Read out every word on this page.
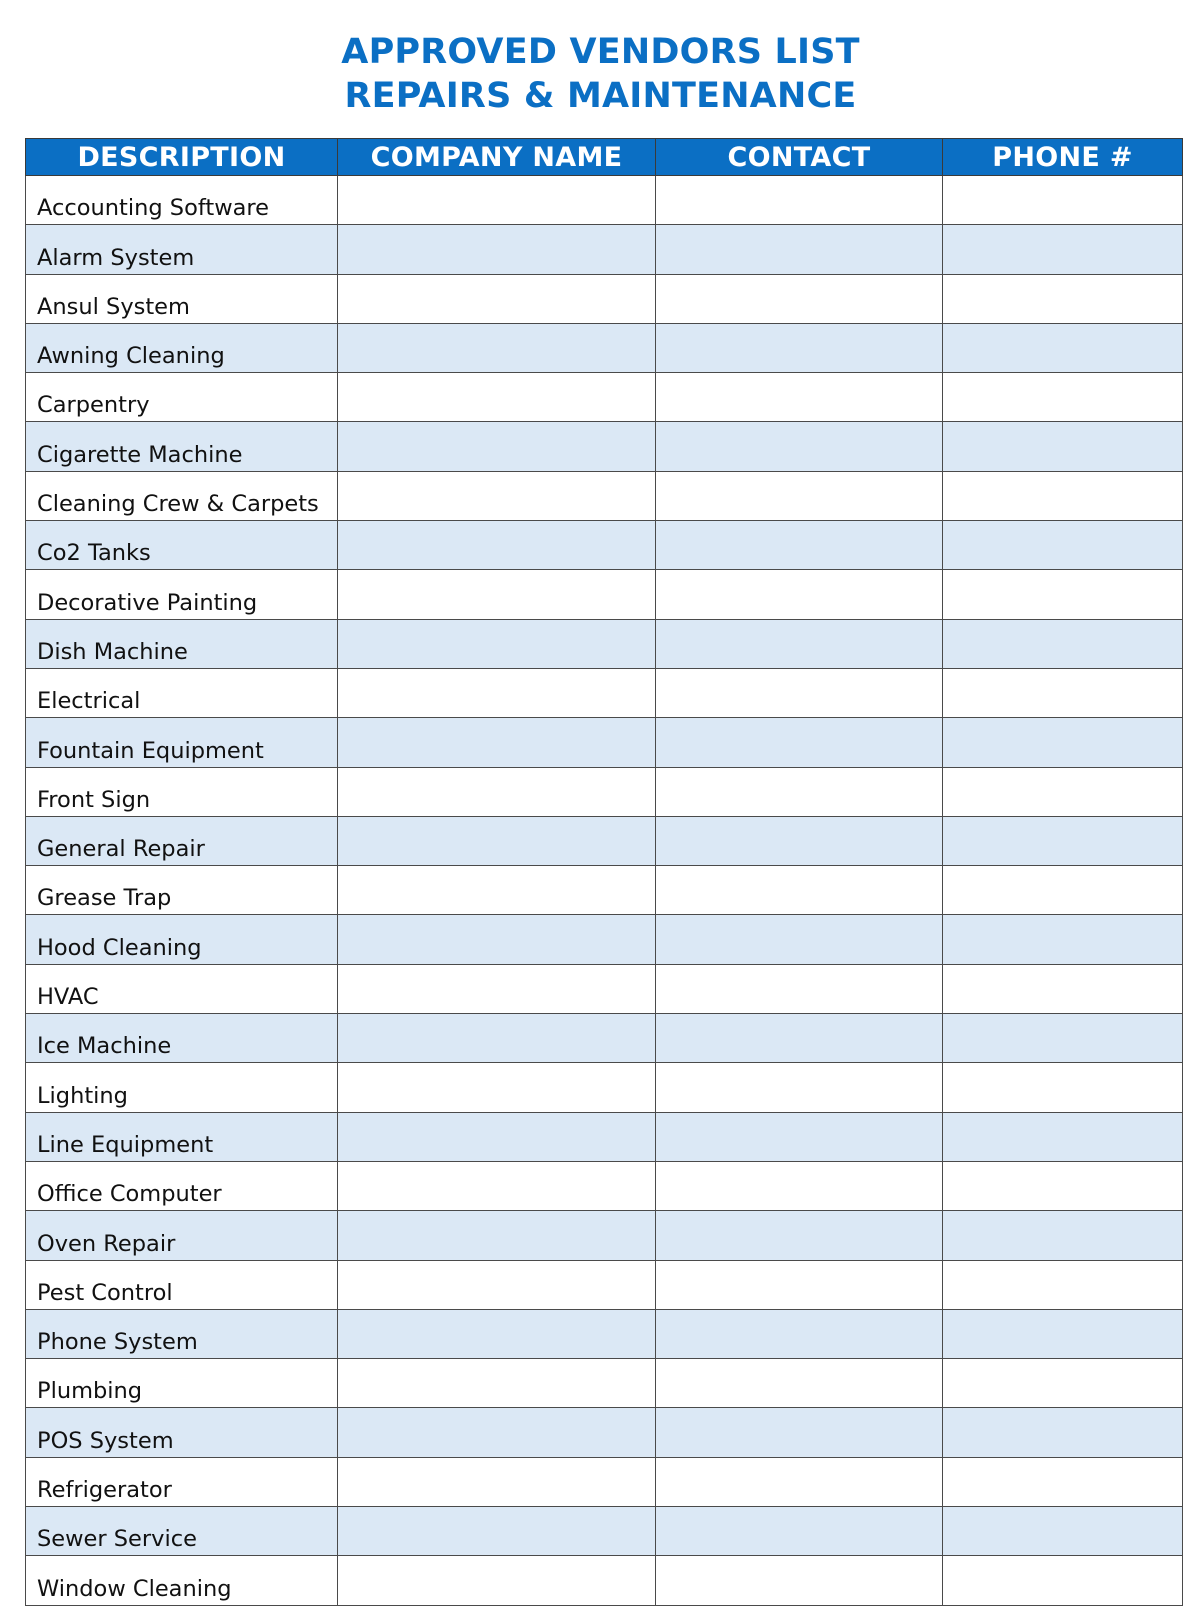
APPROVED VENDORS LIST
REPAIRS & MAINTENANCE
DESCRIPTION	COMPANY NAME	CONTACT	PHONE #
Accounting Software			
Alarm System			
Ansul System			
Awning Cleaning			
Carpentry			
Cigarette Machine			
Cleaning Crew & Carpets			
Co2 Tanks			
Decorative Painting			
Dish Machine			
Electrical			
Fountain Equipment			
Front Sign			
General Repair			
Grease Trap			
Hood Cleaning			
HVAC			
Ice Machine			
Lighting			
Line Equipment			
Office Computer			
Oven Repair			
Pest Control			
Phone System			
Plumbing			
POS System			
Refrigerator			
Sewer Service			
Window Cleaning			
